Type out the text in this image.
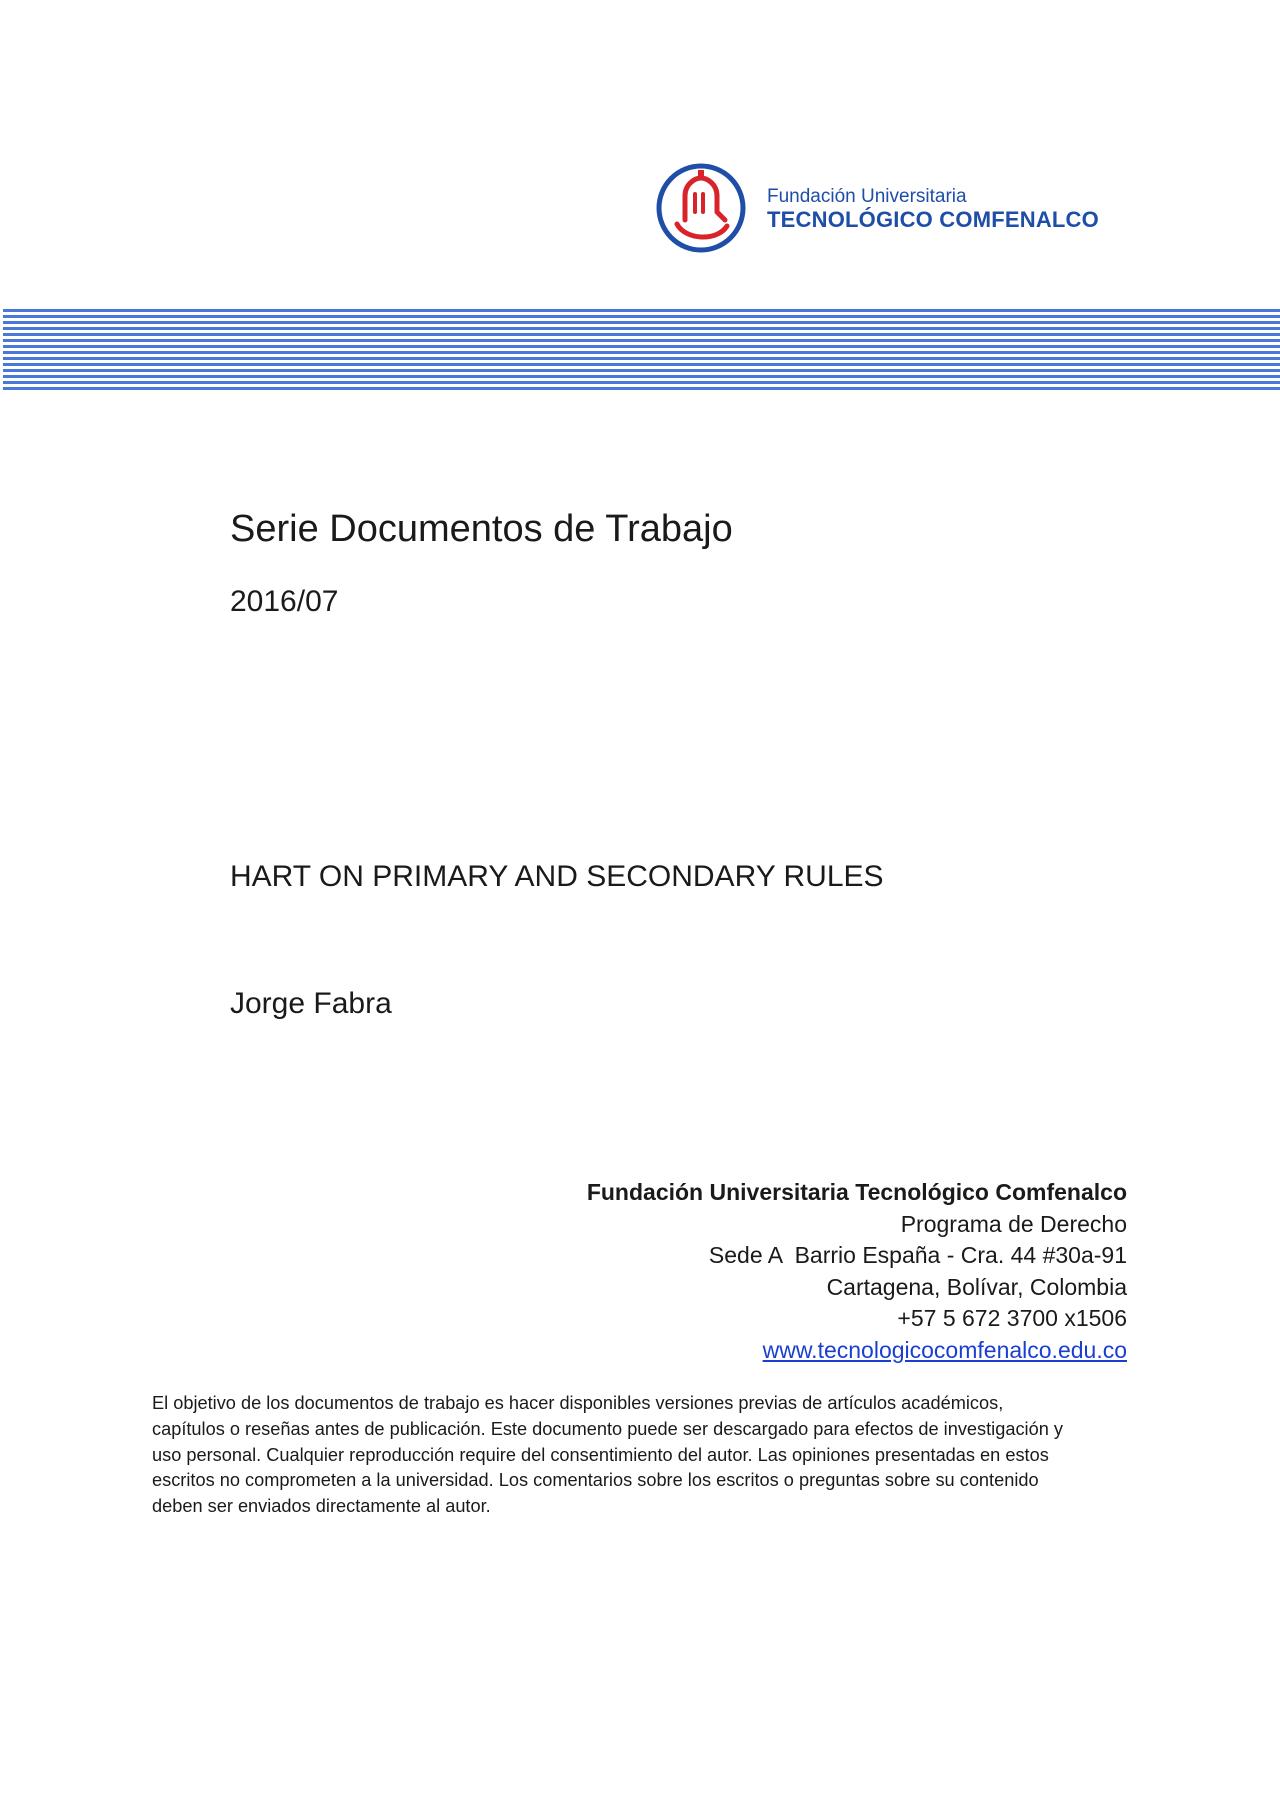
Fundación Universitaria
TECNOLÓGICO COMFENALCO
Serie Documentos de Trabajo
2016/07
HART ON PRIMARY AND SECONDARY RULES
Jorge Fabra
Fundación Universitaria Tecnológico Comfenalco
Programa de Derecho
Sede A  Barrio España - Cra. 44 #30a-91
Cartagena, Bolívar, Colombia
+57 5 672 3700 x1506
www.tecnologicocomfenalco.edu.co
El objetivo de los documentos de trabajo es hacer disponibles versiones previas de artículos académicos,
capítulos o reseñas antes de publicación. Este documento puede ser descargado para efectos de investigación y
uso personal. Cualquier reproducción require del consentimiento del autor. Las opiniones presentadas en estos
escritos no comprometen a la universidad. Los comentarios sobre los escritos o preguntas sobre su contenido
deben ser enviados directamente al autor.
